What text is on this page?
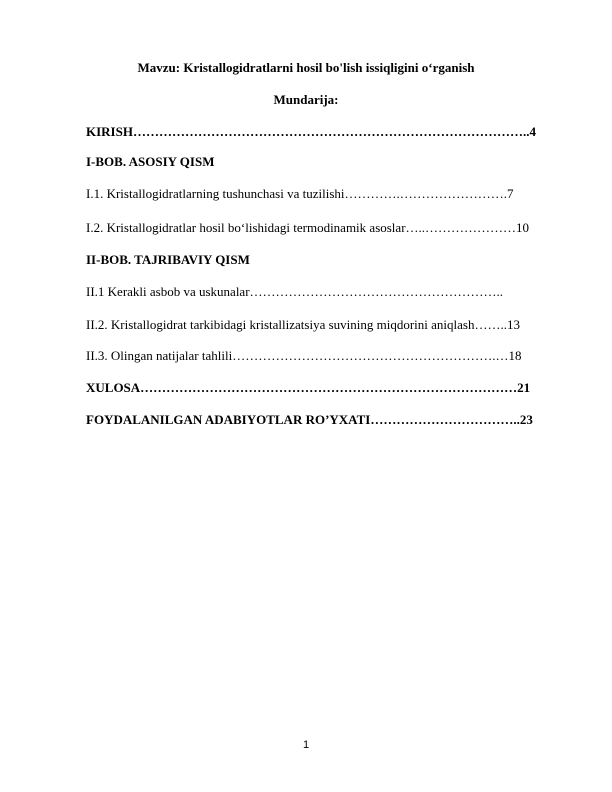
Mavzu: Kristallogidratlarni hosil bo'lish issiqligini o‘rganish
Mundarija:
KIRISH………………………………………………………………………………..4
I-BOB. ASOSIY QISM
I.1. Kristallogidratlarning tushunchasi va tuzilishi………….…………………….7
I.2. Kristallogidratlar hosil bo‘lishidagi termodinamik asoslar…..…………………10
II-BOB. TAJRIBAVIY QISM
II.1 Kerakli asbob va uskunalar…………………………………………………..
II.2. Kristallogidrat tarkibidagi kristallizatsiya suvining miqdorini aniqlash……..13
II.3. Olingan natijalar tahlili…………………………………………………….…18
XULOSA……………………………………………………………………………21
FOYDALANILGAN ADABIYOTLAR RO’YXATI……………………………..23
1
